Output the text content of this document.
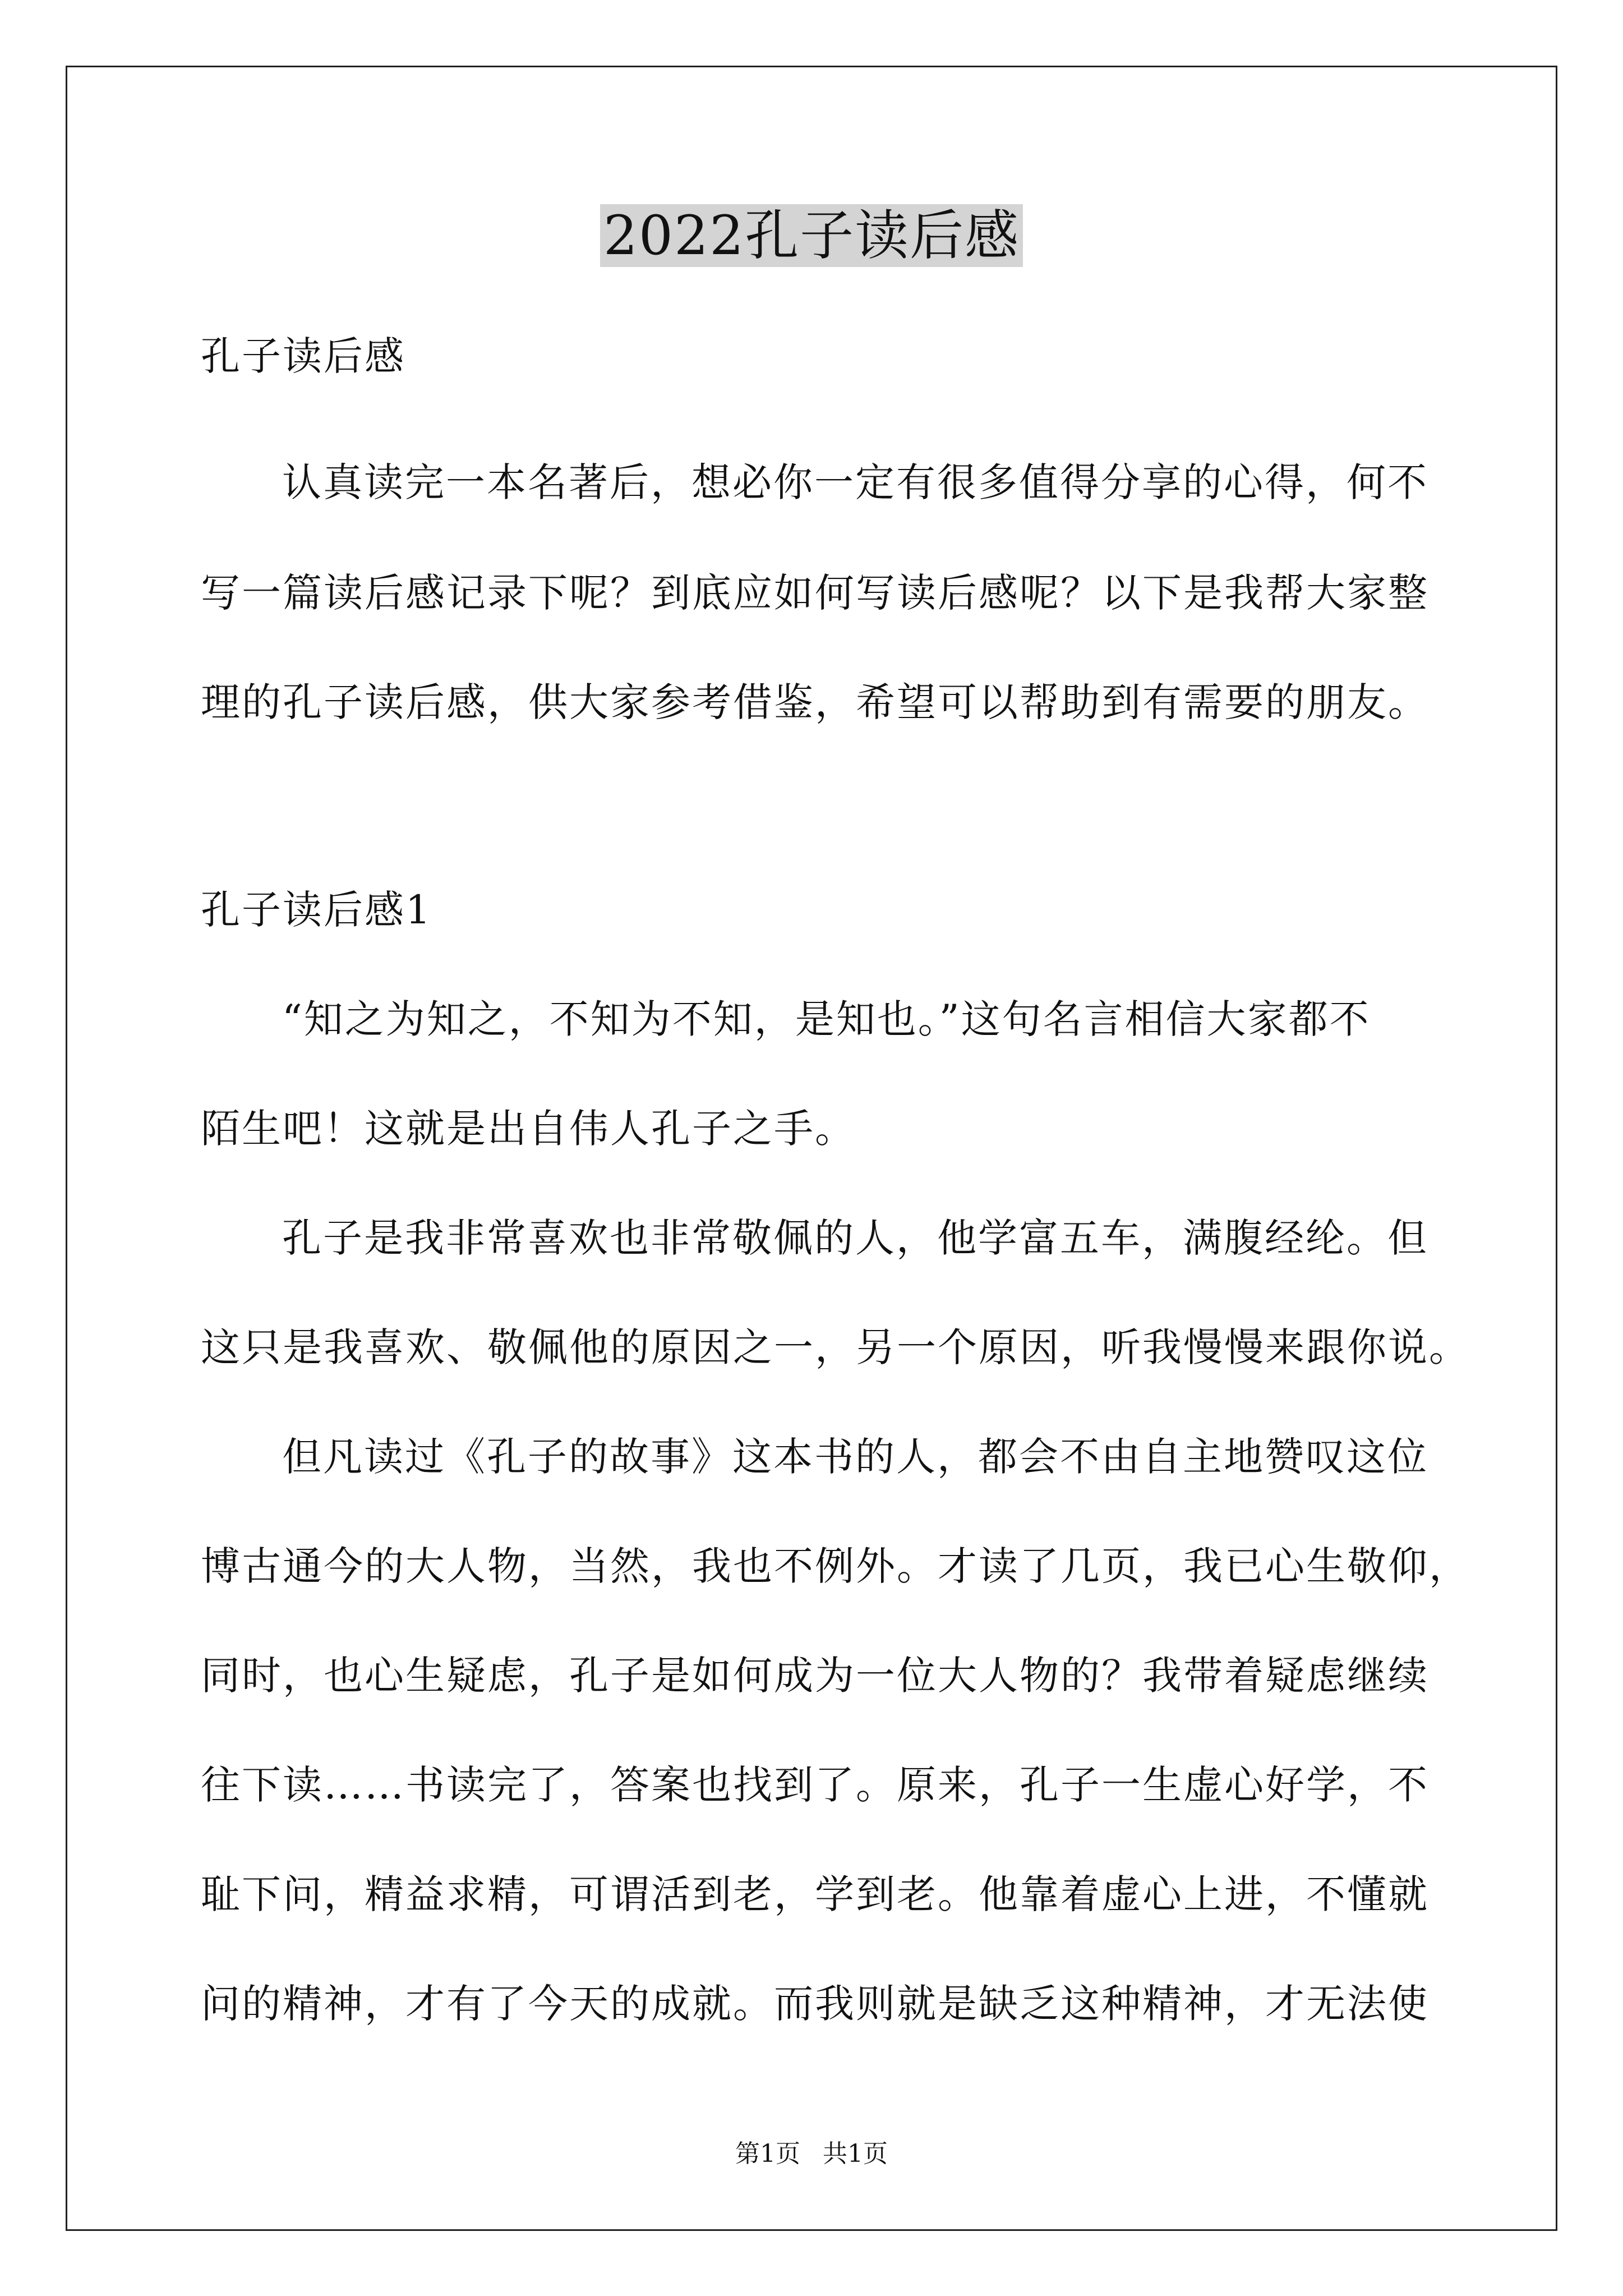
2022孔子读后感
孔子读后感
认真读完一本名著后，想必你一定有很多值得分享的心得，何不
写一篇读后感记录下呢？到底应如何写读后感呢？以下是我帮大家整
理的孔子读后感，供大家参考借鉴，希望可以帮助到有需要的朋友。
孔子读后感1
“知之为知之，不知为不知，是知也。”这句名言相信大家都不
陌生吧！这就是出自伟人孔子之手。
孔子是我非常喜欢也非常敬佩的人，他学富五车，满腹经纶。但
这只是我喜欢、敬佩他的原因之一，另一个原因，听我慢慢来跟你说。
但凡读过《孔子的故事》这本书的人，都会不由自主地赞叹这位
博古通今的大人物，当然，我也不例外。才读了几页，我已心生敬仰，
同时，也心生疑虑，孔子是如何成为一位大人物的？我带着疑虑继续
往下读……书读完了，答案也找到了。原来，孔子一生虚心好学，不
耻下问，精益求精，可谓活到老，学到老。他靠着虚心上进，不懂就
问的精神，才有了今天的成就。而我则就是缺乏这种精神，才无法使
第1页 共1页
